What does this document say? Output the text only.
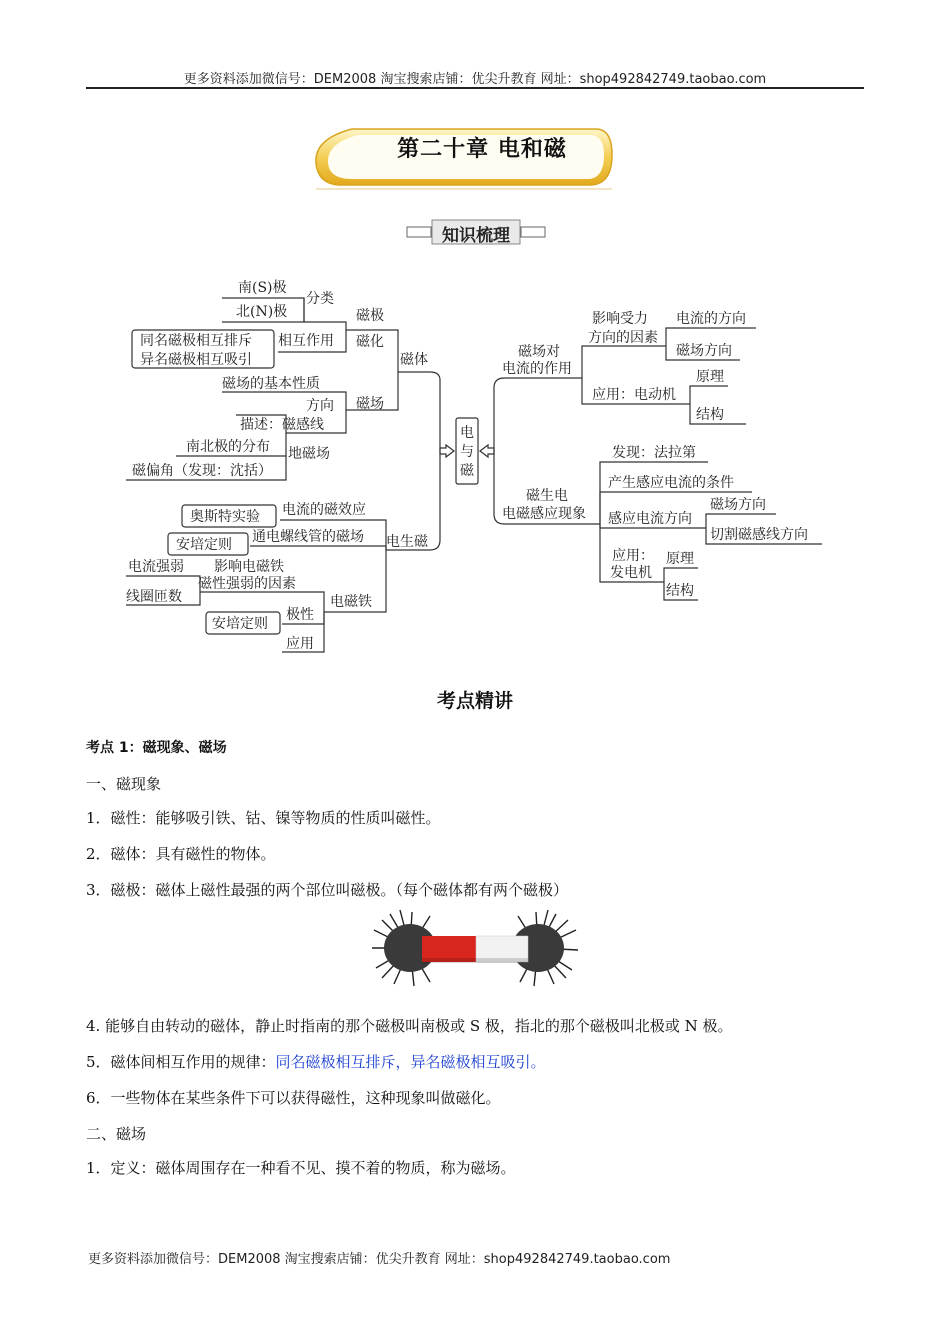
更多资料添加微信号：DEM2008 淘宝搜索店铺：优尖升教育 网址：shop492842749.taobao.com
更多资料添加微信号：DEM2008 淘宝搜索店铺：优尖升教育 网址：shop492842749.taobao.com
第二十章 电和磁
知识梳理
电
与
磁
南(S)极
北(N)极
分类
磁极
同名磁极相互排斥
异名磁极相互吸引
相互作用 磁化
磁体
磁场的基本性质
方向 磁场
描述：磁感线
南北极的分布 地磁场
磁偏角（发现：沈括）
奥斯特实验 电流的磁效应
安培定则 通电螺线管的磁场 电生磁
电流强弱 影响电磁铁
磁性强弱的因素
线圈匝数	电磁铁
安培定则
极性
应用
磁场对
电流的作用
影响受力
方向的因素
电流的方向
磁场方向
应用：电动机
原理
结构
磁生电
电磁感应现象
发现：法拉第
产生感应电流的条件
感应电流方向
磁场方向
切割磁感线方向
应用：
发电机
原理
结构
考点精讲
考点 1：磁现象、磁场
一、磁现象
1．磁性：能够吸引铁、钴、镍等物质的性质叫磁性。
2．磁体：具有磁性的物体。
3．磁极：磁体上磁性最强的两个部位叫磁极。（每个磁体都有两个磁极）
4. 能够自由转动的磁体，静止时指南的那个磁极叫南极或 S 极，指北的那个磁极叫北极或 N 极。
5．磁体间相互作用的规律：同名磁极相互排斥，异名磁极相互吸引。
6．一些物体在某些条件下可以获得磁性，这种现象叫做磁化。
二、磁场
1．定义：磁体周围存在一种看不见、摸不着的物质，称为磁场。
